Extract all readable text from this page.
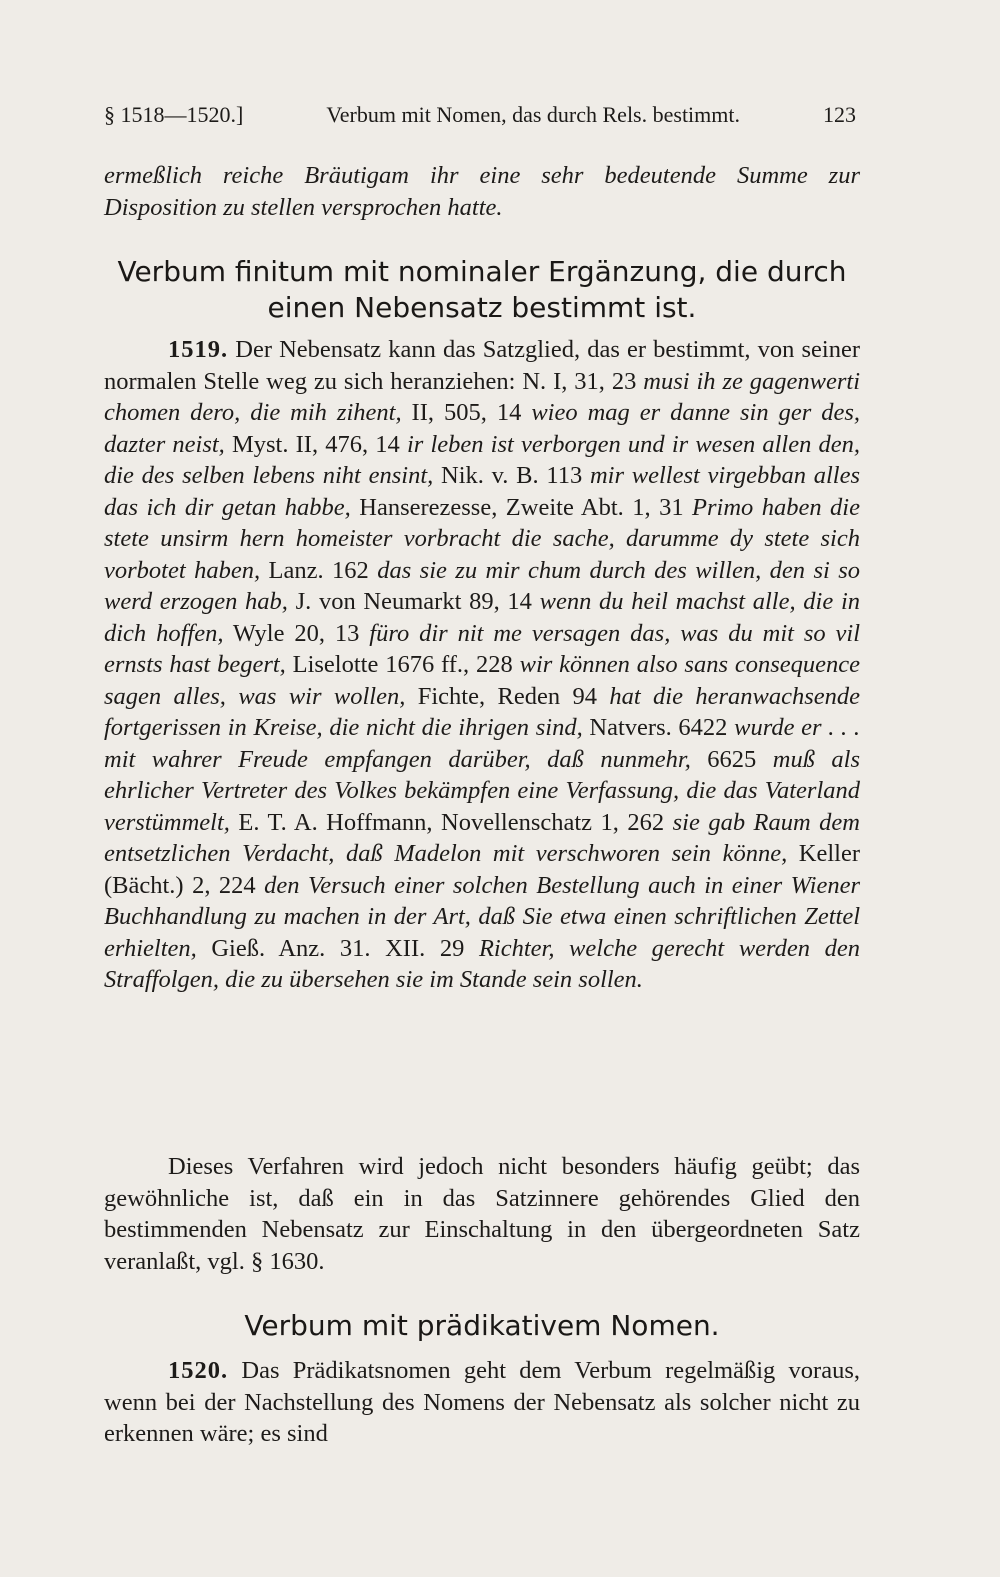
§ 1518—1520.]	Verbum mit Nomen, das durch Rels. bestimmt.	123
ermeßlich reiche Bräutigam ihr eine sehr bedeutende Summe zur Disposition zu stellen versprochen hatte.
Verbum finitum mit nominaler Ergänzung, die durch einen Nebensatz bestimmt ist.
1519. Der Nebensatz kann das Satzglied, das er bestimmt, von seiner normalen Stelle weg zu sich heranziehen: N. I, 31, 23 musi ih ze gagenwerti chomen dero, die mih zihent, II, 505, 14 wieo mag er danne sin ger des, dazter neist, Myst. II, 476, 14 ir leben ist verborgen und ir wesen allen den, die des selben lebens niht ensint, Nik. v. B. 113 mir wellest virgebban alles das ich dir getan habbe, Hanserezesse, Zweite Abt. 1, 31 Primo haben die stete unsirm hern homeister vorbracht die sache, darumme dy stete sich vorbotet haben, Lanz. 162 das sie zu mir chum durch des willen, den si so werd erzogen hab, J. von Neumarkt 89, 14 wenn du heil machst alle, die in dich hoffen, Wyle 20, 13 füro dir nit me versagen das, was du mit so vil ernsts hast begert, Liselotte 1676 ff., 228 wir können also sans consequence sagen alles, was wir wollen, Fichte, Reden 94 hat die heranwachsende fortgerissen in Kreise, die nicht die ihrigen sind, Natvers. 6422 wurde er . . . mit wahrer Freude empfangen darüber, daß nunmehr, 6625 muß als ehrlicher Vertreter des Volkes bekämpfen eine Verfassung, die das Vaterland verstümmelt, E. T. A. Hoffmann, Novellenschatz 1, 262 sie gab Raum dem entsetzlichen Verdacht, daß Madelon mit verschworen sein könne, Keller (Bächt.) 2, 224 den Versuch einer solchen Bestellung auch in einer Wiener Buchhandlung zu machen in der Art, daß Sie etwa einen schriftlichen Zettel erhielten, Gieß. Anz. 31. XII. 29 Richter, welche gerecht werden den Straffolgen, die zu übersehen sie im Stande sein sollen.
Dieses Verfahren wird jedoch nicht besonders häufig geübt; das gewöhnliche ist, daß ein in das Satzinnere gehörendes Glied den bestimmenden Nebensatz zur Einschaltung in den übergeordneten Satz veranlaßt, vgl. § 1630.
Verbum mit prädikativem Nomen.
1520. Das Prädikatsnomen geht dem Verbum regelmäßig voraus, wenn bei der Nachstellung des Nomens der Nebensatz als solcher nicht zu erkennen wäre; es sind
